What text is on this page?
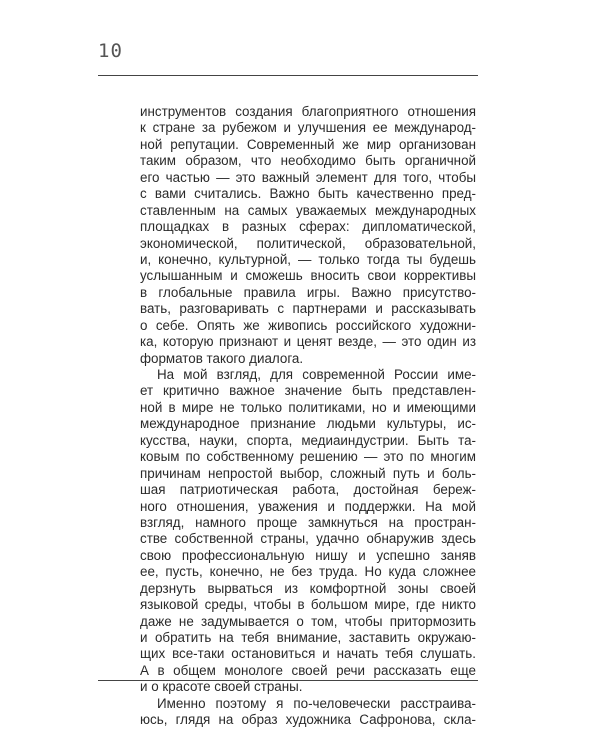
10
инструментов создания благоприятного отношения
к стране за рубежом и улучшения ее международ-
ной репутации. Современный же мир организован
таким образом, что необходимо быть органичной
его частью — это важный элемент для того, чтобы
с вами считались. Важно быть качественно пред-
ставленным на самых уважаемых международных
площадках в разных сферах: дипломатической,
экономической, политической, образовательной,
и, конечно, культурной, — только тогда ты будешь
услышанным и сможешь вносить свои коррективы
в глобальные правила игры. Важно присутство-
вать, разговаривать с партнерами и рассказывать
о себе. Опять же живопись российского художни-
ка, которую признают и ценят везде, — это один из
форматов такого диалога.
На мой взгляд, для современной России име-
ет критично важное значение быть представлен-
ной в мире не только политиками, но и имеющими
международное признание людьми культуры, ис-
кусства, науки, спорта, медиаиндустрии. Быть та-
ковым по собственному решению — это по многим
причинам непростой выбор, сложный путь и боль-
шая патриотическая работа, достойная береж-
ного отношения, уважения и поддержки. На мой
взгляд, намного проще замкнуться на простран-
стве собственной страны, удачно обнаружив здесь
свою профессиональную нишу и успешно заняв
ее, пусть, конечно, не без труда. Но куда сложнее
дерзнуть вырваться из комфортной зоны своей
языковой среды, чтобы в большом мире, где никто
даже не задумывается о том, чтобы притормозить
и обратить на тебя внимание, заставить окружаю-
щих все-таки остановиться и начать тебя слушать.
А в общем монологе своей речи рассказать еще
и о красоте своей страны.
Именно поэтому я по-человечески расстраива-
юсь, глядя на образ художника Сафронова, скла-
